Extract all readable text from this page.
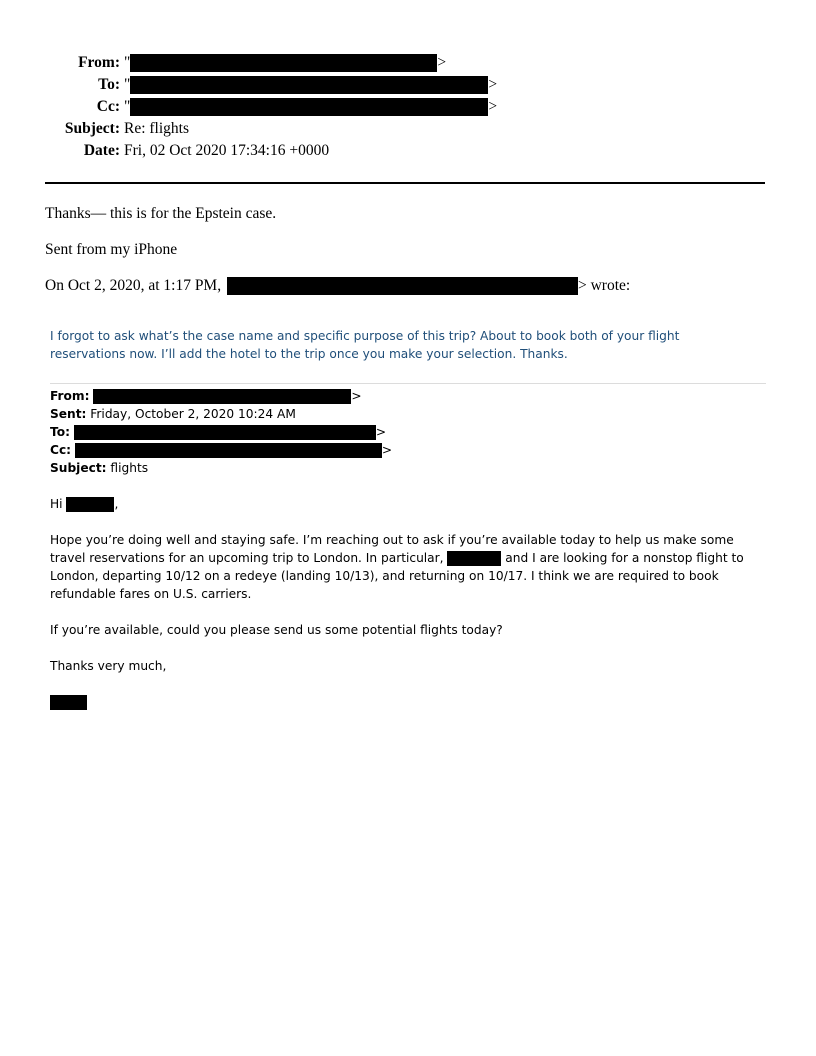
From: "	>
To: "	>
Cc: "	>
Subject: Re: flights
Date: Fri, 02 Oct 2020 17:34:16 +0000
Thanks— this is for the Epstein case.
Sent from my iPhone
On Oct 2, 2020, at 1:17 PM,	> wrote:
I forgot to ask what’s the case name and specific purpose of this trip? About to book both of your flight reservations now. I’ll add the hotel to the trip once you make your selection. Thanks.
From:	>
Sent: Friday, October 2, 2020 10:24 AM
To:	>
Cc:	>
Subject: flights
Hi	,
Hope you’re doing well and staying safe. I’m reaching out to ask if you’re available today to help us make some travel reservations for an upcoming trip to London. In particular,	and I are looking for a nonstop flight to London, departing 10/12 on a redeye (landing 10/13), and returning on 10/17. I think we are required to book refundable fares on U.S. carriers.
If you’re available, could you please send us some potential flights today?
Thanks very much,
